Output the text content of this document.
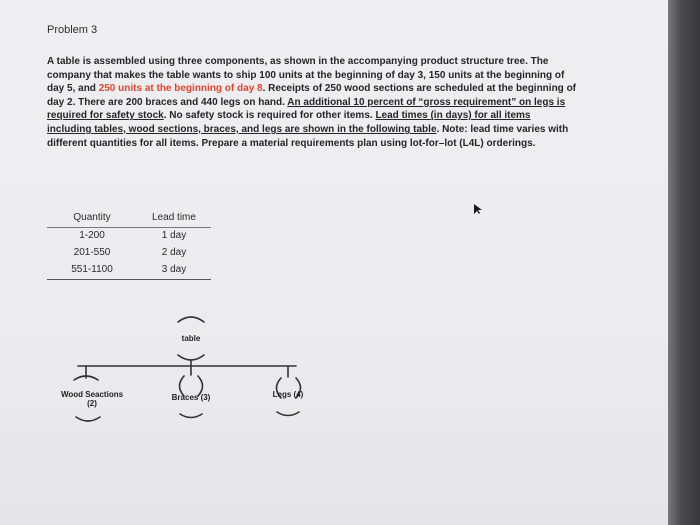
Problem 3
A table is assembled using three components, as shown in the accompanying product structure tree. The company that makes the table wants to ship 100 units at the beginning of day 3, 150 units at the beginning of day 5, and 250 units at the beginning of day 8. Receipts of 250 wood sections are scheduled at the beginning of day 2. There are 200 braces and 440 legs on hand. An additional 10 percent of “gross requirement” on legs is required for safety stock. No safety stock is required for other items. Lead times (in days) for all items including tables, wood sections, braces, and legs are shown in the following table. Note: lead time varies with different quantities for all items. Prepare a material requirements plan using lot-for–lot (L4L) orderings.
Quantity	Lead time
1-200	1 day
201-550	2 day
551-1100	3 day
table
Wood Seactions
(2)
Braces (3)	Legs (4)
